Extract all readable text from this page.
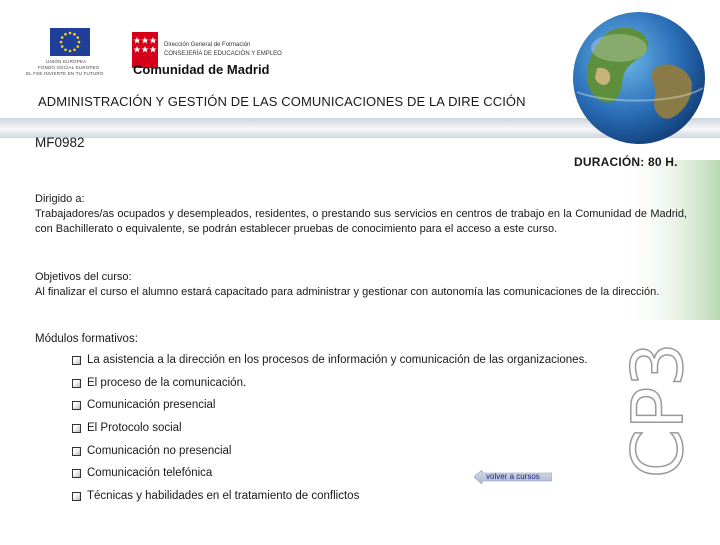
UNIÓN EUROPEA
FONDO SOCIAL EUROPEO
EL FSE INVIERTE EN TU FUTURO
Dirección General de Formación
CONSEJERÍA DE EDUCACIÓN Y EMPLEO
Comunidad de Madrid
CP3
ADMINISTRACIÓN Y GESTIÓN DE LAS COMUNICACIONES DE LA DIRE CCIÓN
MF0982
DURACIÓN: 80 H.
Dirigido a:
Trabajadores/as ocupados y desempleados, residentes, o prestando sus servicios en centros de trabajo en la Comunidad de Madrid, con Bachillerato o equivalente, se podrán establecer pruebas de conocimiento para el acceso a este curso.
Objetivos del curso:
Al finalizar el curso el alumno estará capacitado para administrar y gestionar con autonomía las comunicaciones de la dirección.
Módulos formativos:
La asistencia a la dirección en los procesos de información y comunicación de las organizaciones.
El proceso de la comunicación.
Comunicación presencial
El Protocolo social
Comunicación no presencial
Comunicación telefónica
Técnicas y habilidades en el tratamiento de conflictos
volver a cursos
